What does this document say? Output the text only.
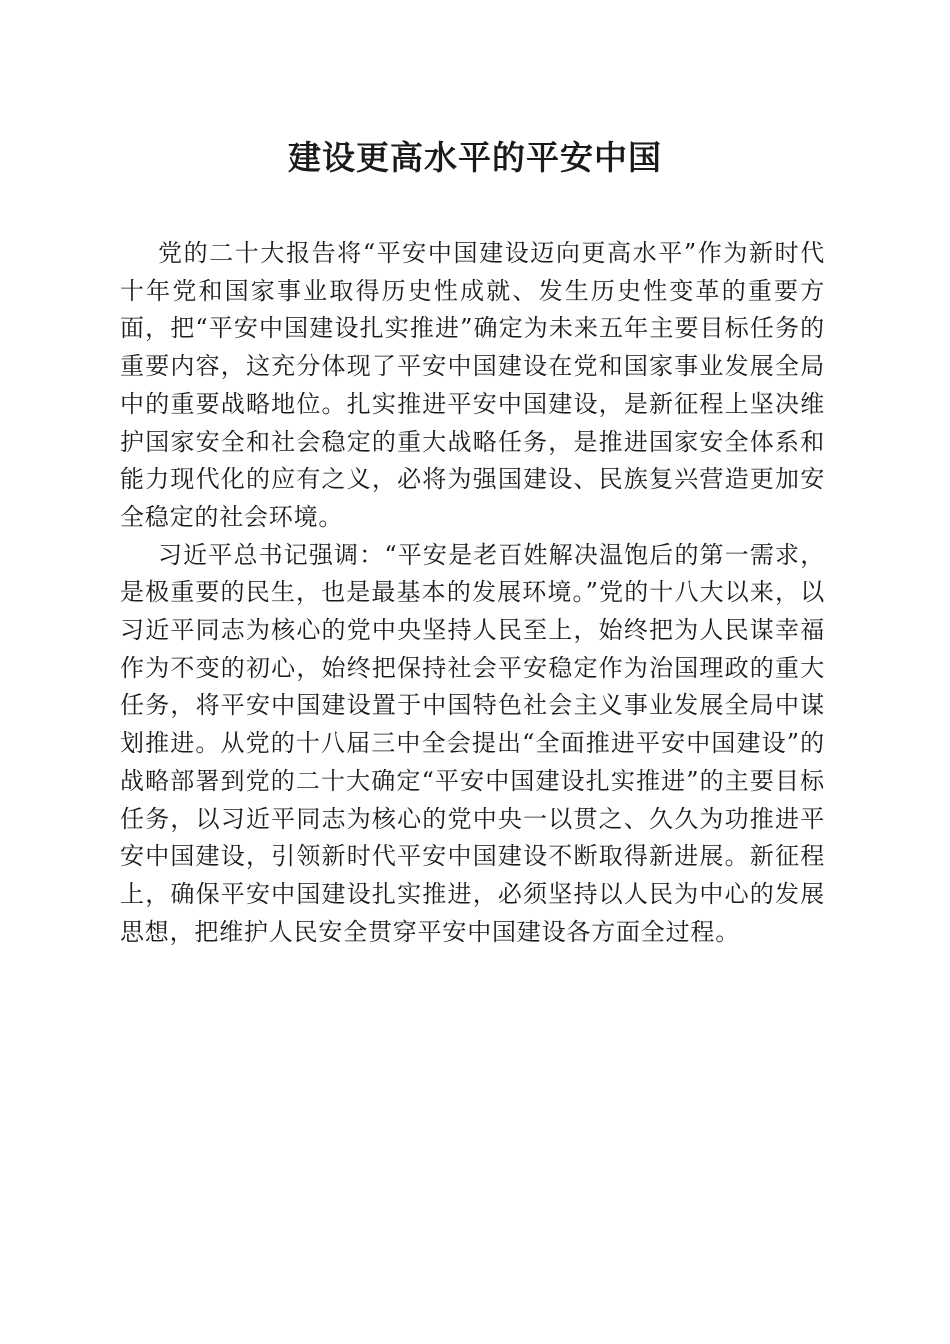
建设更高水平的平安中国

党的二十大报告将“平安中国建设迈向更高水平”作为新时代十年党和国家事业取得历史性成就、发生历史性变革的重要方面，把“平安中国建设扎实推进”确定为未来五年主要目标任务的重要内容，这充分体现了平安中国建设在党和国家事业发展全局中的重要战略地位。扎实推进平安中国建设，是新征程上坚决维护国家安全和社会稳定的重大战略任务，是推进国家安全体系和能力现代化的应有之义，必将为强国建设、民族复兴营造更加安全稳定的社会环境。

习近平总书记强调：“平安是老百姓解决温饱后的第一需求，是极重要的民生，也是最基本的发展环境。”党的十八大以来，以习近平同志为核心的党中央坚持人民至上，始终把为人民谋幸福作为不变的初心，始终把保持社会平安稳定作为治国理政的重大任务，将平安中国建设置于中国特色社会主义事业发展全局中谋划推进。从党的十八届三中全会提出“全面推进平安中国建设”的战略部署到党的二十大确定“平安中国建设扎实推进”的主要目标任务，以习近平同志为核心的党中央一以贯之、久久为功推进平安中国建设，引领新时代平安中国建设不断取得新进展。新征程上，确保平安中国建设扎实推进，必须坚持以人民为中心的发展思想，把维护人民安全贯穿平安中国建设各方面全过程。
